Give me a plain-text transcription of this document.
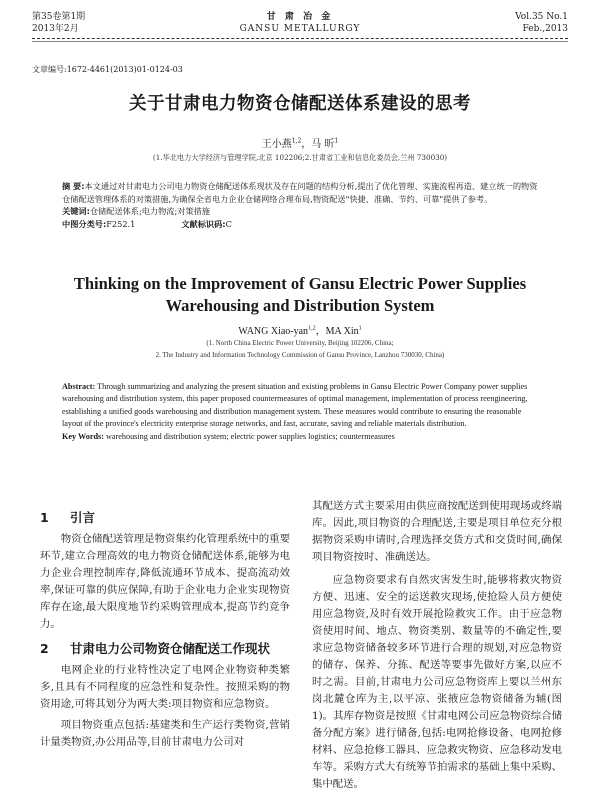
第35卷第1期
2013年2月
甘 肃 冶 金
GANSU METALLURGY
Vol.35 No.1
Feb.,2013
文章编号:1672-4461(2013)01-0124-03
关于甘肃电力物资仓储配送体系建设的思考
王小燕$^{1,2}$，马 昕$^1$
(1.华北电力大学经济与管理学院,北京 102206;2.甘肃省工业和信息化委员会,兰州 730030)
摘 要:本文通过对甘肃电力公司电力物资仓储配送体系现状及存在问题的结构分析,提出了优化管理、实施流程再造、建立统一的物资仓储配送管理体系的对策措施,为确保全省电力企业仓储网络合理布局,物资配送"快捷、准确、节约、可靠"提供了参考。
关键词:仓储配送体系;电力物流;对策措施
中图分类号:F252.1	文献标识码:C
Thinking on the Improvement of Gansu Electric Power Supplies
Warehousing and Distribution System
WANG Xiao-yan$^{1,2}$，MA Xin$^1$
(1. North China Electric Power University, Beijing 102206, China;
2. The Industry and Information Technology Commission of Gansu Province, Lanzhou 730030, China)
Abstract: Through summarizing and analyzing the present situation and existing problems in Gansu Electric Power Company power supplies warehousing and distribution system, this paper proposed countermeasures of optimal management, implementation of process reengineering, establishing a unified goods warehousing and distribution management system. These measures would contribute to ensuring the reasonable layout of the province's electricity enterprise storage networks, and fast, accurate, saving and reliable materials distribution.
Key Words: warehousing and distribution system; electric power supplies logistics; countermeasures
1 引言

物资仓储配送管理是物资集约化管理系统中的重要环节,建立合理高效的电力物资仓储配送体系,能够为电力企业合理控制库存,降低流通环节成本、提高流动效率,保证可靠的供应保障,有助于企业电力企业实现物资库存在途,最大限度地节约采购管理成本,提高节约竞争力。

2	甘肃电力公司物资仓储配送工作现状

电网企业的行业特性决定了电网企业物资种类繁多,且具有不同程度的应急性和复杂性。按照采购的物资用途,可将其划分为两大类:项目物资和应急物资。

项目物资重点包括:基建类和生产运行类物资,营销计量类物资,办公用品等,目前甘肃电力公司对

其配送方式主要采用由供应商按配送到使用现场或终端库。因此,项目物资的合理配送,主要是项目单位充分根据物资采购申请时,合理选择交货方式和交货时间,确保项目物资按时、准确送达。

应急物资要求有自然灾害发生时,能够将救灾物资方便、迅速、安全的运送救灾现场,使抢险人员方便使用应急物资,及时有效开展抢险救灾工作。由于应急物资使用时间、地点、物资类别、数量等的不确定性,要求应急物资储备较多环节进行合理的规划,对应急物资的储存、保养、分拣、配送等要事先做好方案,以应不时之需。目前,甘肃电力公司应急物资库上要以兰州东岗北麓仓库为主,以平凉、张掖应急物资储备为辅(图1)。其库存物资是按照《甘肃电网公司应急物资综合储备分配方案》进行储备,包括:电网抢修设备、电网抢修材料、应急抢修工器具、应急救灾物资、应急移动发电车等。采购方式大有统筹节拍需求的基础上集中采购、集中配送。
